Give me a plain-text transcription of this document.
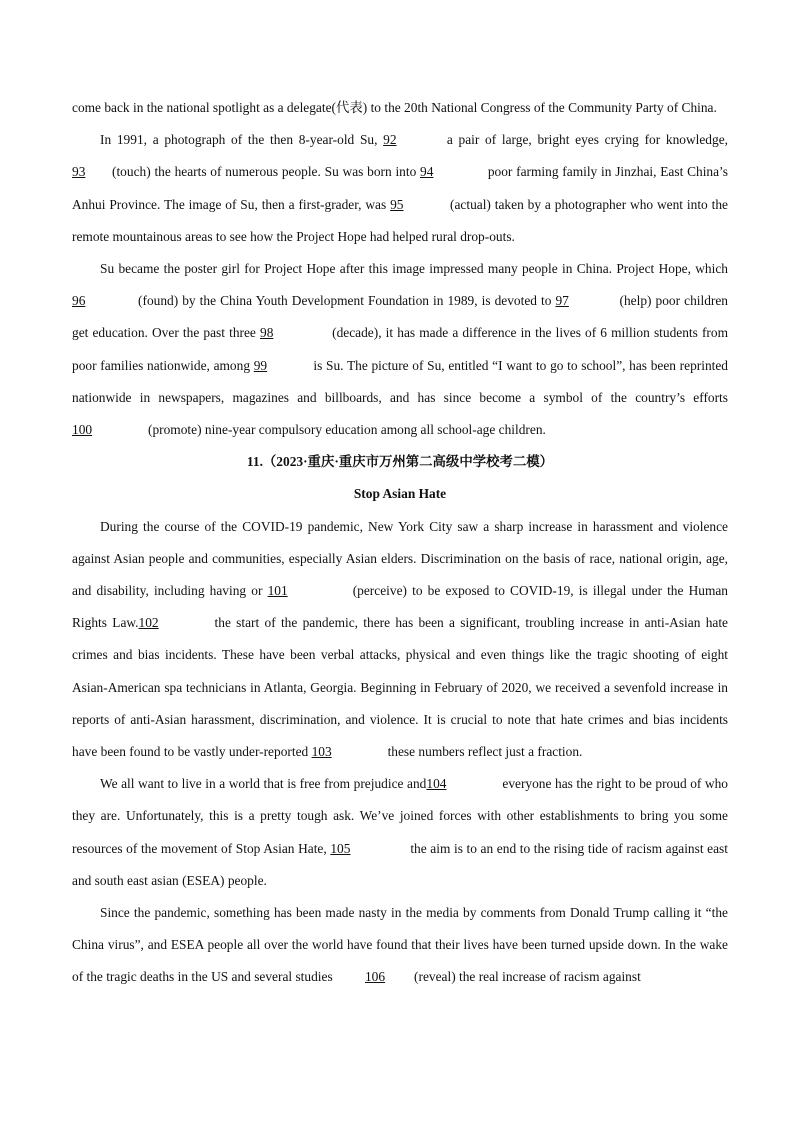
come back in the national spotlight as a delegate(代表) to the 20th National Congress of the Community Party of China.

In 1991, a photograph of the then 8-year-old Su, 92	a pair of large, bright eyes crying for knowledge, 93 (touch) the hearts of numerous people. Su was born into 94	poor farming family in Jinzhai, East China’s Anhui Province. The image of Su, then a first-grader, was 95	(actual) taken by a photographer who went into the remote mountainous areas to see how the Project Hope had helped rural drop-outs.

Su became the poster girl for Project Hope after this image impressed many people in China. Project Hope, which 96	(found) by the China Youth Development Foundation in 1989, is devoted to 97	(help) poor children get education. Over the past three 98	(decade), it has made a difference in the lives of 6 million students from poor families nationwide, among 99	is Su. The picture of Su, entitled “I want to go to school”, has been reprinted nationwide in newspapers, magazines and billboards, and has since become a symbol of the country’s efforts 100	(promote) nine-year compulsory education among all school-age children.

11.（2023·重庆·重庆市万州第二高级中学校考二模）

Stop Asian Hate

During the course of the COVID-19 pandemic, New York City saw a sharp increase in harassment and violence against Asian people and communities, especially Asian elders. Discrimination on the basis of race, national origin, age, and disability, including having or 101	(perceive) to be exposed to COVID-19, is illegal under the Human Rights Law.102	the start of the pandemic, there has been a significant, troubling increase in anti-Asian hate crimes and bias incidents. These have been verbal attacks, physical and even things like the tragic shooting of eight Asian-American spa technicians in Atlanta, Georgia. Beginning in February of 2020, we received a sevenfold increase in reports of anti-Asian harassment, discrimination, and violence. It is crucial to note that hate crimes and bias incidents have been found to be vastly under-reported 103	these numbers reflect just a fraction.

We all want to live in a world that is free from prejudice and104	everyone has the right to be proud of who they are. Unfortunately, this is a pretty tough ask. We’ve joined forces with other establishments to bring you some resources of the movement of Stop Asian Hate, 105	the aim is to an end to the rising tide of racism against east and south east asian (ESEA) people.

Since the pandemic, something has been made nasty in the media by comments from Donald Trump calling it “the China virus”, and ESEA people all over the world have found that their lives have been turned upside down. In the wake of the tragic deaths in the US and several studies 106 (reveal) the real increase of racism against
